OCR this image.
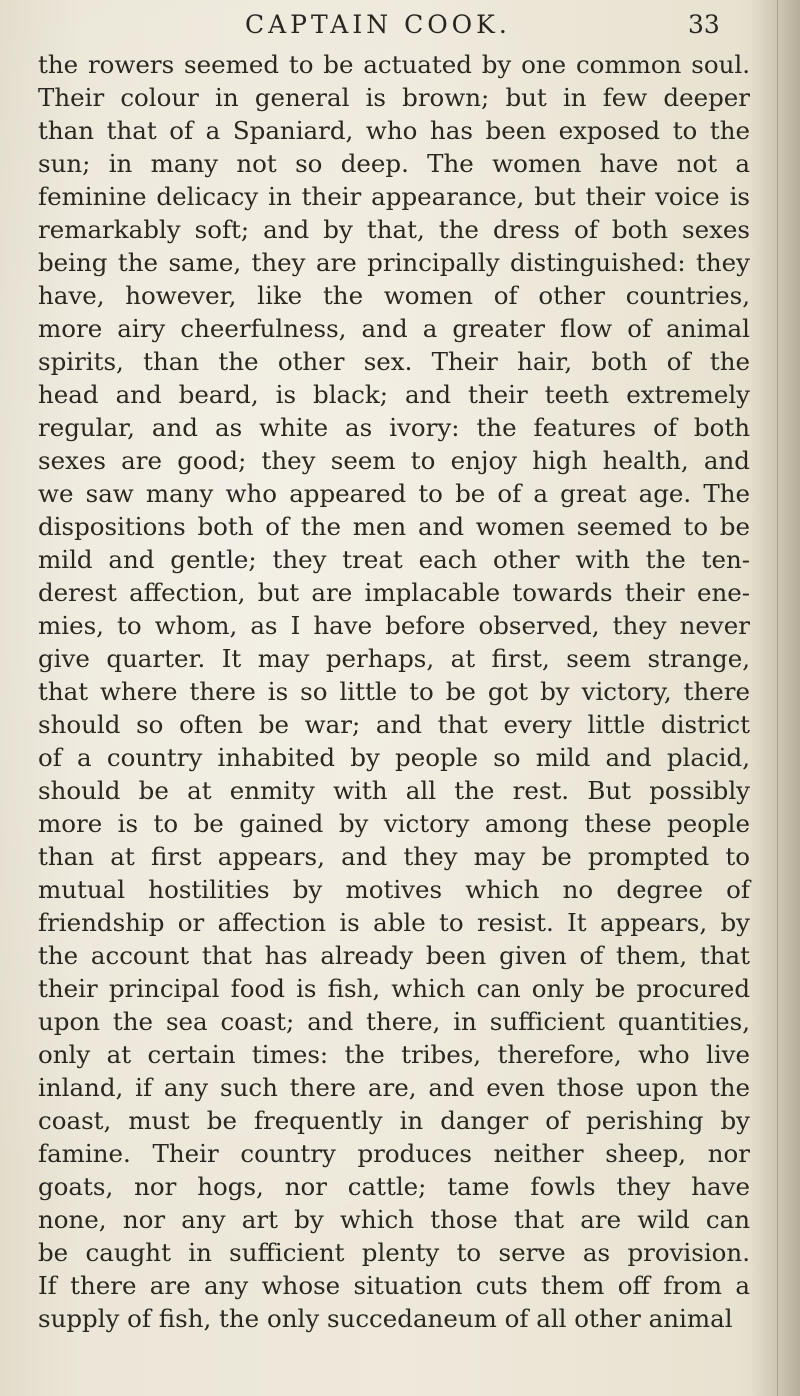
CAPTAIN COOK.	33
the rowers seemed to be actuated by one common soul.
Their colour in general is brown; but in few deeper
than that of a Spaniard, who has been exposed to the
sun; in many not so deep. The women have not a
feminine delicacy in their appearance, but their voice is
remarkably soft; and by that, the dress of both sexes
being the same, they are principally distinguished: they
have, however, like the women of other countries,
more airy cheerfulness, and a greater flow of animal
spirits, than the other sex. Their hair, both of the
head and beard, is black; and their teeth extremely
regular, and as white as ivory: the features of both
sexes are good; they seem to enjoy high health, and
we saw many who appeared to be of a great age. The
dispositions both of the men and women seemed to be
mild and gentle; they treat each other with the ten-
derest affection, but are implacable towards their ene-
mies, to whom, as I have before observed, they never
give quarter. It may perhaps, at first, seem strange,
that where there is so little to be got by victory, there
should so often be war; and that every little district
of a country inhabited by people so mild and placid,
should be at enmity with all the rest. But possibly
more is to be gained by victory among these people
than at first appears, and they may be prompted to
mutual hostilities by motives which no degree of
friendship or affection is able to resist. It appears, by
the account that has already been given of them, that
their principal food is fish, which can only be procured
upon the sea coast; and there, in sufficient quantities,
only at certain times: the tribes, therefore, who live
inland, if any such there are, and even those upon the
coast, must be frequently in danger of perishing by
famine. Their country produces neither sheep, nor
goats, nor hogs, nor cattle; tame fowls they have
none, nor any art by which those that are wild can
be caught in sufficient plenty to serve as provision.
If there are any whose situation cuts them off from a
supply of fish, the only succedaneum of all other animal
